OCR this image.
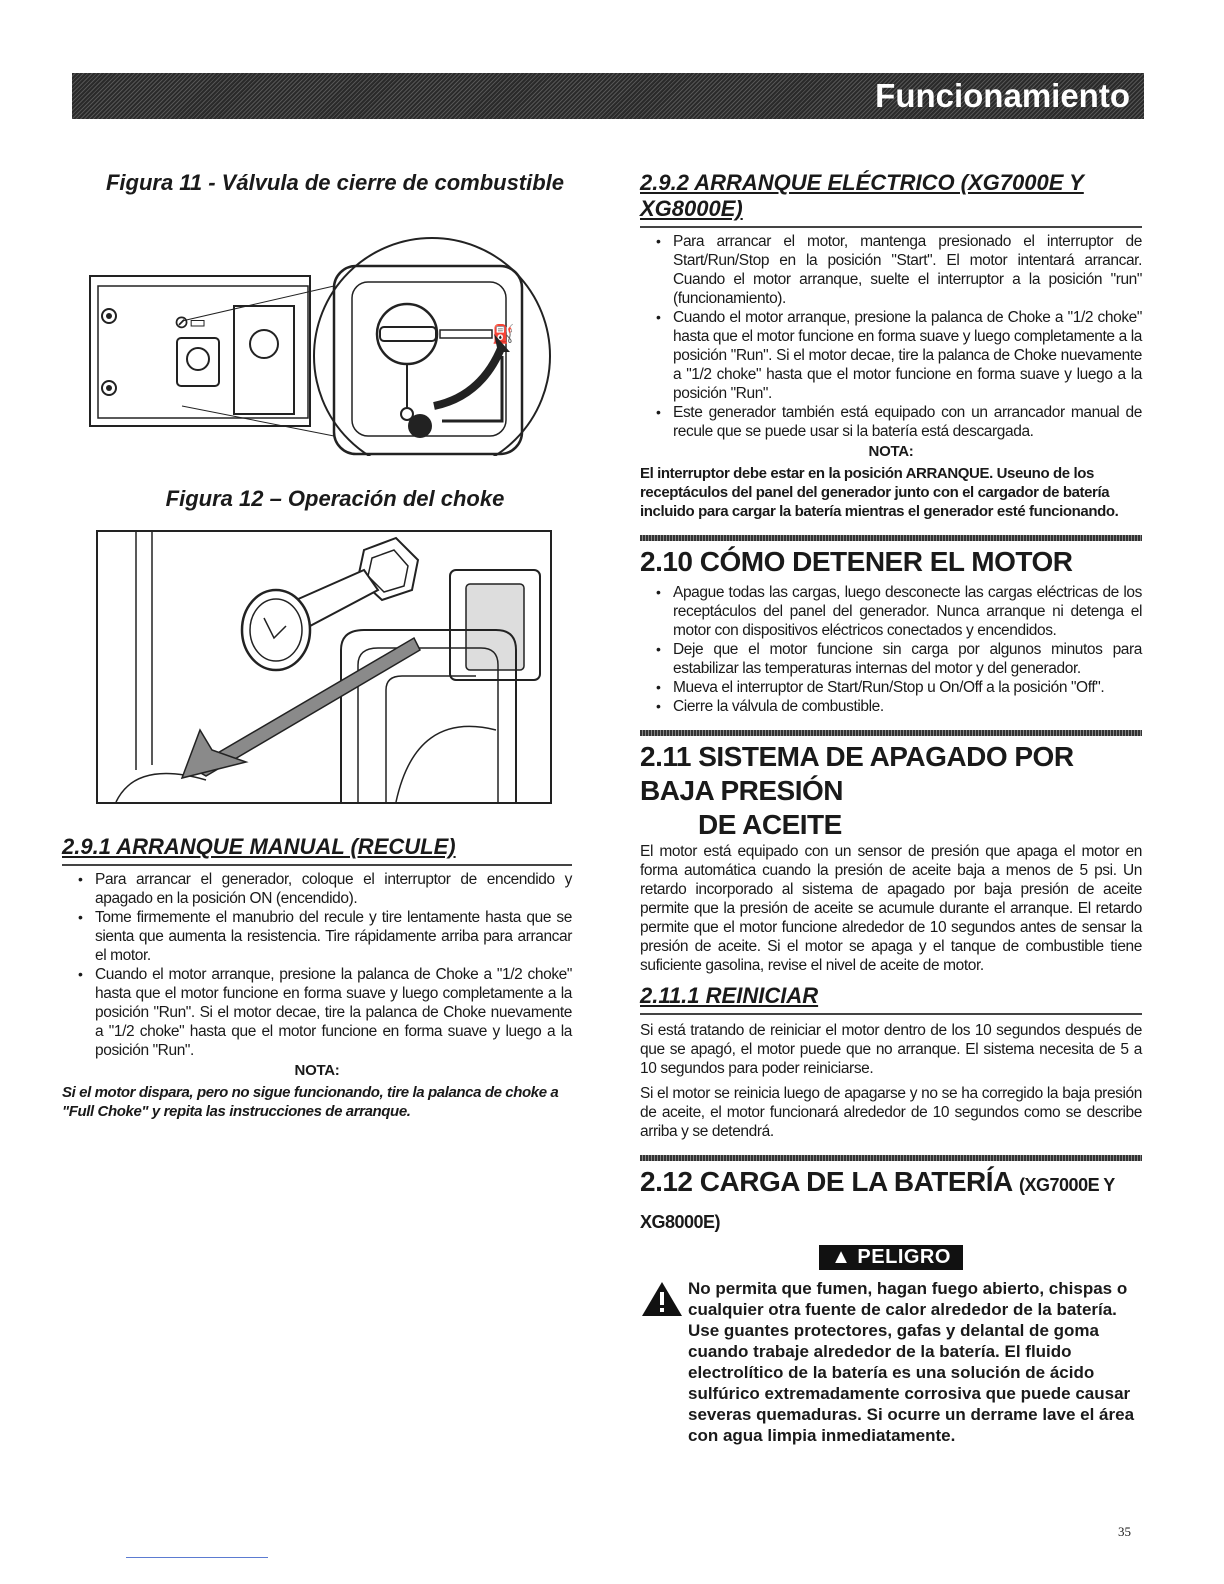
Funcionamiento

Figura 11 - Válvula de cierre de combustible

⊘▭
⛽

Figura 12 – Operación del choke

2.9.1 ARRANQUE MANUAL (RECULE)
• Para arrancar el generador, coloque el interruptor de encendido y apagado en la posición ON (encendido).
• Tome firmemente el manubrio del recule y tire lentamente hasta que se sienta que aumenta la resistencia. Tire rápidamente arriba para arrancar el motor.
• Cuando el motor arranque, presione la palanca de Choke a "1/2 choke" hasta que el motor funcione en forma suave y luego completamente a la posición "Run". Si el motor decae, tire la palanca de Choke nuevamente a "1/2 choke" hasta que el motor funcione en forma suave y luego a la posición "Run".

NOTA:

Si el motor dispara, pero no sigue funcionando, tire la palanca de choke a "Full Choke" y repita las instrucciones de arranque.

2.9.2 ARRANQUE ELÉCTRICO (XG7000E Y XG8000E)
• Para arrancar el motor, mantenga presionado el interruptor de Start/Run/Stop en la posición "Start". El motor intentará arrancar. Cuando el motor arranque, suelte el interruptor a la posición "run" (funcionamiento).
• Cuando el motor arranque, presione la palanca de Choke a "1/2 choke" hasta que el motor funcione en forma suave y luego completamente a la posición "Run". Si el motor decae, tire la palanca de Choke nuevamente a "1/2 choke" hasta que el motor funcione en forma suave y luego a la posición "Run".
• Este generador también está equipado con un arrancador manual de recule que se puede usar si la batería está descargada.

NOTA:

El interruptor debe estar en la posición ARRANQUE. Useuno de los receptáculos del panel del generador junto con el cargador de batería incluido para cargar la batería mientras el generador esté funcionando.

2.10 CÓMO DETENER EL MOTOR
• Apague todas las cargas, luego desconecte las cargas eléctricas de los receptáculos del panel del generador. Nunca arranque ni detenga el motor con dispositivos eléctricos conectados y encendidos.
• Deje que el motor funcione sin carga por algunos minutos para estabilizar las temperaturas internas del motor y del generador.
• Mueva el interruptor de Start/Run/Stop u On/Off a la posición "Off".
• Cierre la válvula de combustible.
2.11 SISTEMA DE APAGADO POR BAJA PRESIÓN
DE ACEITE

El motor está equipado con un sensor de presión que apaga el motor en forma automática cuando la presión de aceite baja a menos de 5 psi. Un retardo incorporado al sistema de apagado por baja presión de aceite permite que la presión de aceite se acumule durante el arranque. El retardo permite que el motor funcione alrededor de 10 segundos antes de sensar la presión de aceite. Si el motor se apaga y el tanque de combustible tiene suficiente gasolina, revise el nivel de aceite de motor.

2.11.1 REINICIAR

Si está tratando de reiniciar el motor dentro de los 10 segundos después de que se apagó, el motor puede que no arranque. El sistema necesita de 5 a 10 segundos para poder reiniciarse.

Si el motor se reinicia luego de apagarse y no se ha corregido la baja presión de aceite, el motor funcionará alrededor de 10 segundos como se describe arriba y se detendrá.

2.12 CARGA DE LA BATERÍA (XG7000E Y XG8000E)
▲ PELIGRO

No permita que fumen, hagan fuego abierto, chispas o cualquier otra fuente de calor alrededor de la batería. Use guantes protectores, gafas y delantal de goma cuando trabaje alrededor de la batería. El fluido electrolítico de la batería es una solución de ácido sulfúrico extremadamente corrosiva que puede causar severas quemaduras. Si ocurre un derrame lave el área con agua limpia inmediatamente.

35
